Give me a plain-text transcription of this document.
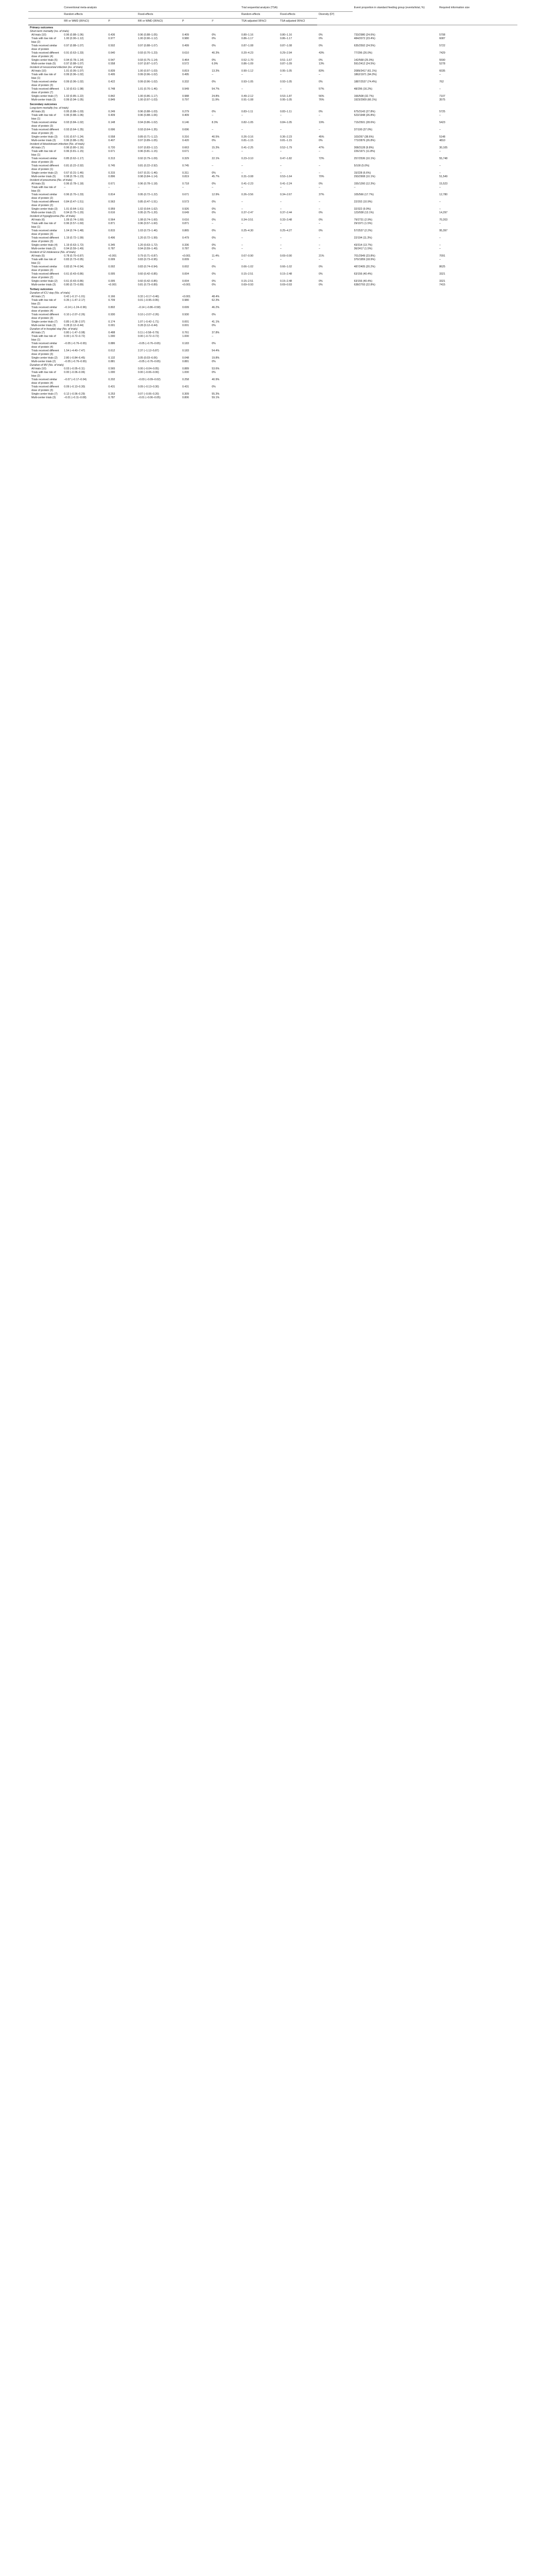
	Conventional meta-analysis					Trial sequential analysis (TSA)			Event proportion in standard feeding group (events/total, %)	Required information size
	Random-effects		Fixed-effects			Random-effects	Fixed-effects	Diversity (D²)		
	RR or WMD (95%CI)	P	RR or WMD (95%CI)	P	I²	TSA-adjusted 95%CI	TSA-adjusted 95%CI			
Primary outcomes										
Short-term mortality (no. of trials)										
All trials (10)	0.96 (0.88–1.06)	0.436	0.96 (0.88–1.05)	0.409	0%	0.80–1.16	0.80–1.16	0%	733/2980 (24.6%)	5708
Trials with low risk of bias (2)	1.00 (0.90–1.12)	0.977	1.00 (0.90–1.12)	0.980	0%	0.86–1.17	0.86–1.17	0%	484/2072 (23.4%)	6087
Trials received similar dose of protein	0.97 (0.88–1.07)	0.502	0.97 (0.88–1.07)	0.499	0%	0.87–1.08	0.87–1.08	0%	635/2592 (24.5%)	5722
Trials received different dose of protein (4)	0.91 (0.63–1.33)	0.640	0.93 (0.70–1.23)	0.610	40.3%	0.20–4.23	0.29–2.94	43%	77/296 (26.0%)	7429
Single-center trials (5)	0.94 (0.78–1.14)	0.547	0.93 (0.75–1.14)	0.464	0%	0.52–1.70	0.51–1.67	0%	142/568 (25.0%)	5590
Multi-center trials (5)	0.97 (0.88–1.07)	0.558	0.97 (0.87–1.07)	0.572	6.9%	0.86–1.09	0.87–1.09	13%	591/2412 (24.5%)	5278
Incident of nosocomial infection (no. of trials)										
All trials (10)	1.01 (0.95–1.07)	0.839	1.00 (0.97–1.03)	0.819	13.3%	0.90–1.12	0.95–1.05	83%	2089/3417 (61.1%)	6035
Trials with low risk of bias (1)	0.99 (0.96–1.02)	0.495	0.99 (0.96–1.02)	0.495	–	–	–	–	1862/1971 (94.3%)	–
Trials received similar dose of protein (3)	0.99 (0.96–1.02)	0.422	0.99 (0.96–1.02)	0.332	0%	0.93–1.05	0.93–1.05	0%	1887/2537 (74.4%)	762
Trials received different dose of protein (7)	1.10 (0.61–1.98)	0.748	1.01 (0.70–1.46)	0.949	54.7%	–	–	57%	48/296 (16.2%)	–
Single-center trials (7)	1.02 (0.85–1.22)	0.842	1.00 (0.86–1.17)	0.988	24.8%	0.49–2.12	0.53–1.87	56%	166/508 (32.7%)	7107
Multi-center trials (3)	0.99 (0.94–1.05)	0.849	1.00 (0.97–1.03)	0.797	11.9%	0.91–1.08	0.95–1.05	76%	1923/2909 (66.1%)	3575
Secondary outcomes										
Long-term mortality (no. of trials)										
All trials (6)	0.95 (0.88–1.03)	0.249	0.96 (0.88–1.03)	0.279	0%	0.83–1.11	0.83–1.11	0%	675/3143 (27.8%)	5725
Trials with low risk of bias (1)	0.96 (0.88–1.06)	0.409	0.96 (0.88–1.06)	0.409	–	–	–	–	523/1948 (26.8%)	–
Trials received similar dose of protein (3)	0.93 (0.84–1.02)	0.148	0.94 (0.86–1.02)	0.146	8.3%	0.82–1.05	0.84–1.05	19%	715/2501 (28.6%)	5423
Trials received different dose of protein (3)	0.93 (0.64–1.35)	0.696	0.93 (0.64–1.35)	0.696	–	–	–	–	37/100 (37.0%)	–
Single-center trials (3)	0.91 (0.67–1.24)	0.558	0.89 (0.71–1.12)	0.316	40.5%	0.26–3.16	0.36–2.23	45%	103/267 (38.6%)	5148
Multi-center trials (3)	0.96 (0.88–1.05)	0.407	0.97 (0.89–1.05)	0.420	0%	0.81–1.15	0.81–1.15	0%	772/2876 (26.8%)	4810
Incident of bloodstream infection (No. of trials)										
All trials (7)	0.96 (0.80–1.16)	0.720	0.97 (0.83–1.12)	0.663	15.3%	0.41–2.25	0.52–1.79	47%	308/3128 (9.8%)	30,105
Trials with low risk of bias (1)	0.96 (0.81–1.15)	0.671	0.96 (0.81–1.15)	0.671	–	–	–	–	226/1971 (11.8%)	–
Trials received similar dose of protein (3)	0.85 (0.62–1.17)	0.313	0.92 (0.79–1.09)	0.329	22.1%	0.23–3.10	0.47–1.82	72%	257/2536 (10.1%)	55,748
Trials received different dose of protein (1)	0.81 (0.22–2.92)	0.745	0.81 (0.22–2.92)	0.745	–	–	–	–	5/100 (5.0%)	–
Single-center trials (2)	0.67 (0.31–1.46)	0.315	0.67 (0.31–1.46)	0.311	0%	–	–	–	15/228 (6.6%)	–
Multi-center trials (5)	0.98 (0.78–1.23)	0.896	0.98 (0.84–1.14)	0.819	45.7%	0.31–3.08	0.53–1.64	70%	293/2908 (10.1%)	51,549
Incident of pneumonia (No. of trials)										
All trials (5)	0.96 (0.78–1.18)	0.671	0.96 (0.78–1.18)	0.718	0%	0.41–2.23	0.41–2.24	0%	155/1260 (12.3%)	15,523
Trials with low risk of bias (0)	–	–	–	–	–	–	–	–	–	–
Trials received similar dose of protein (2)	0.96 (0.70–1.33)	0.814	0.95 (0.72–1.22)	0.671	12.9%	0.26–3.56	0.34–2.67	37%	105/566 (17.7%)	12,780
Trials received different dose of protein (2)	0.84 (0.47–1.51)	0.563	0.85 (0.47–1.51)	0.573	0%	–	–	–	22/202 (10.9%)	–
Single-center trials (3)	1.01 (0.64–1.61)	0.959	1.02 (0.64–1.62)	0.926	0%	–	–	–	32/322 (9.9%)	–
Multi-center trials (2)	0.94 (0.75–1.20)	0.616	0.95 (0.75–1.20)	0.649	0%	0.37–2.47	0.37–2.44	0%	123/938 (13.1%)	14,297
Incident of hypoglycemia (No. of trials)										
All trials (6)	1.09 (0.74–1.60)	0.564	1.08 (0.74–1.60)	0.616	0%	0.34–3.51	0.33–3.48	0%	79/2731 (2.9%)	70,203
Trials with low risk of bias (1)	0.96 (0.57–1.60)	0.871	0.96 (0.57–1.60)	0.871	–	–	–	–	29/1971 (1.5%)	–
Trials received similar dose of protein (3)	1.04 (0.74–1.48)	0.815	1.03 (0.73–1.46)	0.865	0%	0.25–4.30	0.25–4.27	0%	57/2537 (2.2%)	95,397
Trials received different dose of protein (3)	1.19 (0.72–1.99)	0.496	1.20 (0.72–1.99)	0.479	0%	–	–	–	22/194 (11.3%)	–
Single-center trials (4)	1.19 (0.63–1.72)	0.345	1.20 (0.63–1.72)	0.336	0%	–	–	–	43/314 (13.7%)	–
Multi-center trials (2)	0.94 (0.59–1.49)	0.787	0.94 (0.59–1.49)	0.787	0%	–	–	–	36/2417 (1.5%)	–
Incident of GI intolerance (No. of trials)										
All trials (5)	0.78 (0.70–0.87)	<0.001	0.79 (0.71–0.87)	<0.001	11.4%	0.67–0.90	0.69–0.90	21%	701/2949 (23.8%)	7091
Trials with low risk of bias (1)	0.83 (0.73–0.95)	0.009	0.83 (0.73–0.95)	0.009	–	–	–	–	370/1959 (18.9%)	–
Trials received similar dose of protein (2)	0.83 (0.74–0.94)	0.002	0.83 (0.74–0.94)	0.002	0%	0.66–1.02	0.66–1.02	0%	487/2405 (20.2%)	8625
Trials received different dose of protein (2)	0.61 (0.43–0.86)	0.005	0.60 (0.42–0.85)	0.004	0%	0.15–2.51	0.15–2.48	0%	63/156 (40.4%)	3321
Single-center trials (2)	0.61 (0.43–0.86)	0.005	0.60 (0.42–0.85)	0.004	0%	0.15–2.51	0.15–2.48	0%	63/156 (40.4%)	3321
Multi-center trials (3)	0.80 (0.72–0.89)	<0.001	0.81 (0.73–0.89)	<0.001	0%	0.69–0.93	0.69–0.93	0%	638/2793 (22.8%)	7415
Tertiary outcomes										
Duration of ICU stay (No. of trials)										
All trials (7)	0.42 (–0.17–1.01)	0.166	0.32 (–0.17–0.46)	<0.001	48.4%					
Trials with low risk of bias (2)	0.35 (–1.47–2.17)	0.709	0.01 (–0.95–0.95)	0.980	62.3%					
Trials received similar dose of protein (4)	–0.14 (–1.24–0.96)	0.802	–0.14 (–0.86–0.58)	0.699	46.2%					
Trials received different dose of protein (3)	0.10 (–2.07–2.26)	0.930	0.10 (–2.07–2.26)	0.930	0%					
Single-center trials (7)	0.85 (–0.38–2.07)	0.174	1.07 (–0.42–1.71)	0.001	41.1%					
Multi-center trials (3)	0.28 (0.12–0.44)	0.001	0.28 (0.12–0.44)	0.001	0%					
Duration of in-hospital stay (No. of trials)										
All trials (7)	0.80 (–1.47–3.08)	0.488	0.11 (–0.58–0.79)	0.761	37.8%					
Trials with low risk of bias (1)	0.00 (–0.72–0.72)	1.000	0.00 (–0.72–0.72)	1.000	–					
Trials received similar dose of protein (4)	–0.05 (–0.76–0.65)	0.886	–0.05 (–0.76–0.65)	0.183	0%					
Trials received different dose of protein (3)	1.54 (–4.40–7.47)	0.612	2.37 (–1.12–5.87)	0.183	54.4%					
Single-center trials (2)	2.80 (–0.84–6.45)	0.132	3.05 (0.03–6.06)	0.048	19.8%					
Multi-center trials (2)	–0.05 (–0.76–0.65)	0.881	–0.05 (–0.76–0.65)	0.881	0%					
Duration of MV (No. of trials)										
All trials (10)	0.03 (–0.05–0.11)	0.565	0.00 (–0.04–0.05)	0.889	53.6%					
Trials with low risk of bias (2)	0.00 (–0.06–0.06)	1.000	0.00 (–0.06–0.06)	1.000	0%					
Trials received similar dose of protein (4)	–0.07 (–0.17–0.04)	0.202	–0.03 (–0.09–0.02)	0.258	40.9%					
Trials received different dose of protein (3)	0.09 (–0.13–0.30)	0.431	0.09 (–0.13–0.30)	0.431	0%					
Single-center trials (7)	0.12 (–0.06–0.29)	0.253	0.07 (–0.06–0.20)	0.309	55.3%					
Multi-center trials (3)	–0.01 (–0.11–0.08)	0.787	–0.01 (–0.06–0.05)	0.806	59.1%					
